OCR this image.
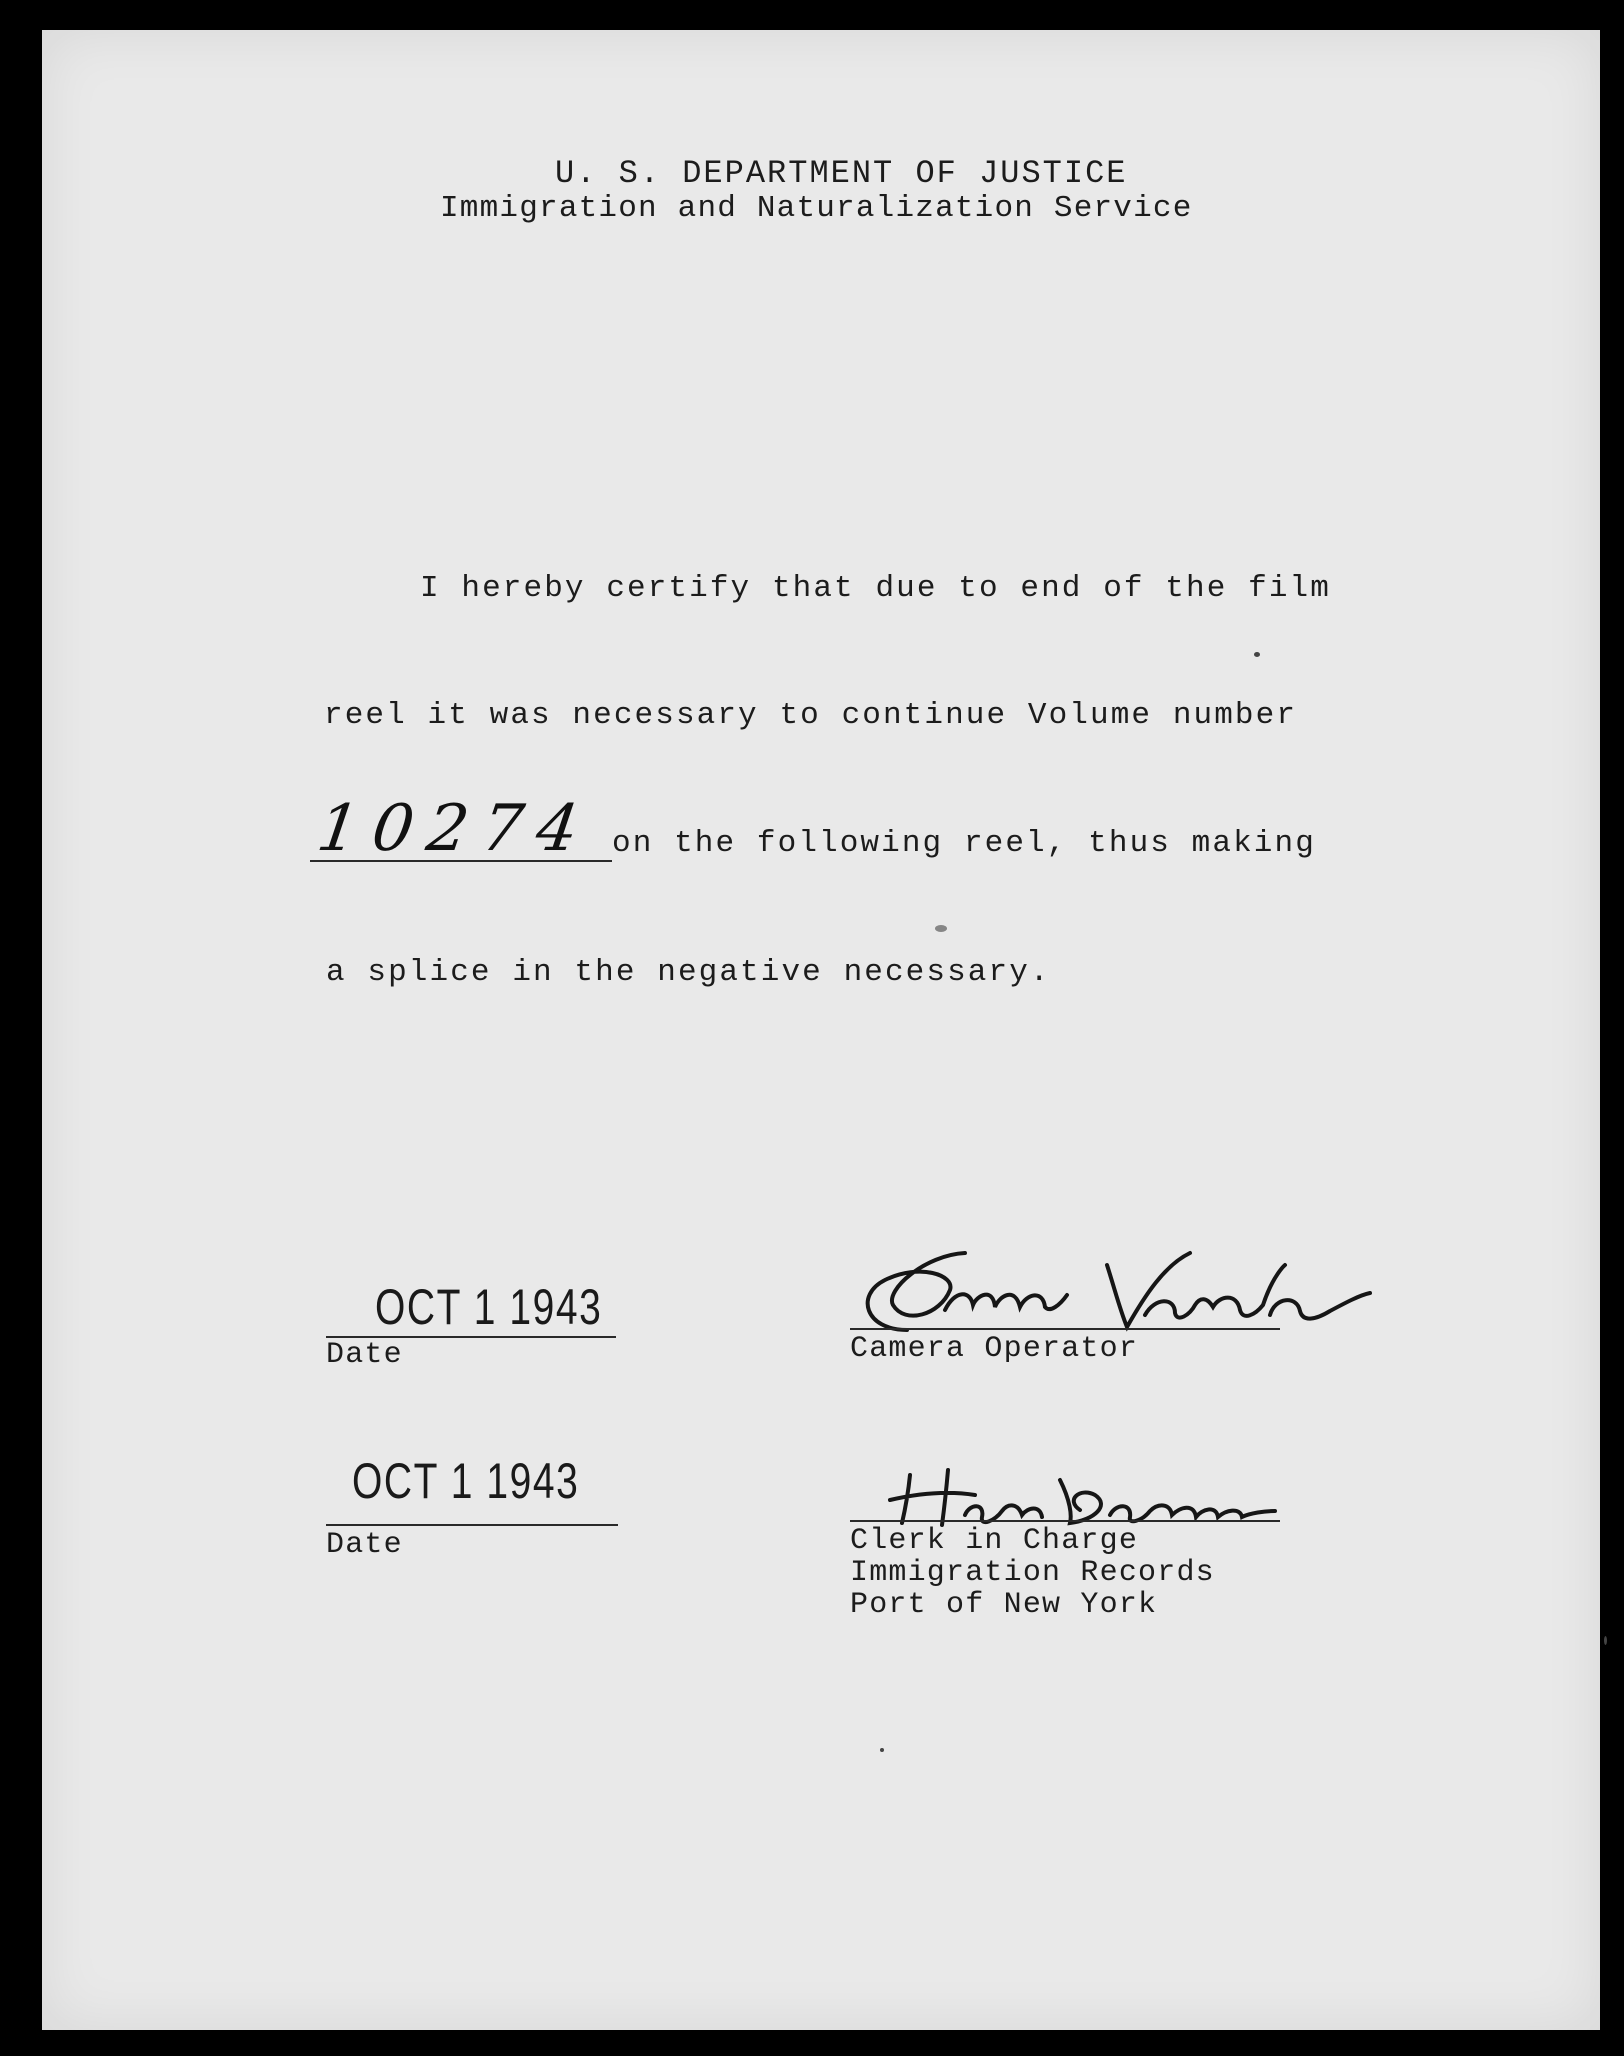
U. S. DEPARTMENT OF JUSTICE
Immigration and Naturalization Service
I hereby certify that due to end of the film
reel it was necessary to continue Volume number
10274 on the following reel, thus making
a splice in the negative necessary.
OCT 1 1943
Date	Camera Operator
OCT 1 1943
Date	Clerk in Charge
Immigration Records
Port of New York
